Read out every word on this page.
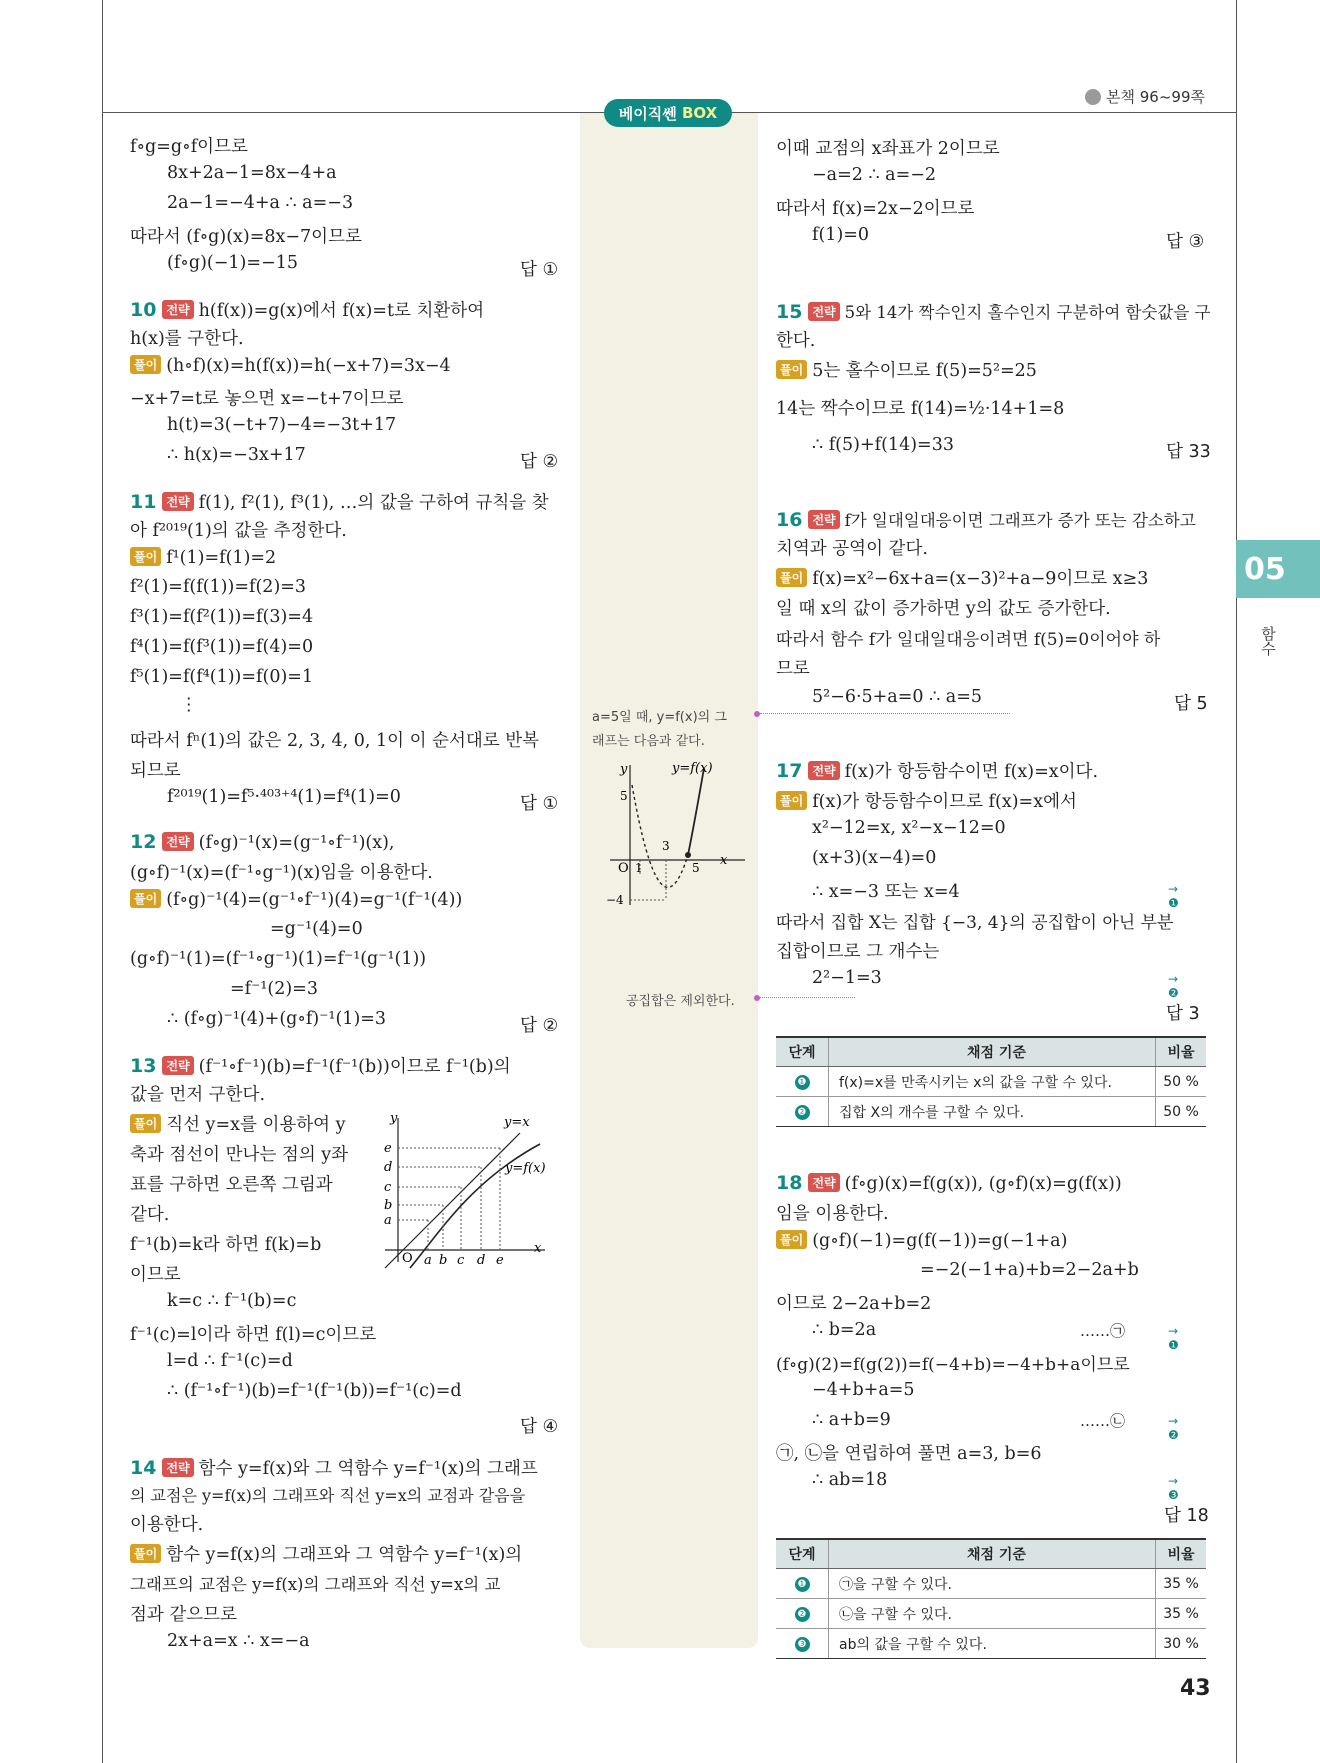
본책 96~99쪽
베이직쎈
BOX
05
함수
f∘g=g∘f이므로
8x+2a−1=8x−4+a
2a−1=−4+a ∴ a=−3
따라서 (f∘g)(x)=8x−7이므로
(f∘g)(−1)=−15	답 ①
10 전략 h(f(x))=g(x)에서 f(x)=t로 치환하여
h(x)를 구한다.
풀이 (h∘f)(x)=h(f(x))=h(−x+7)=3x−4
−x+7=t로 놓으면 x=−t+7이므로
h(t)=3(−t+7)−4=−3t+17
∴ h(x)=−3x+17	답 ②
11 전략 f(1), f²(1), f³(1), …의 값을 구하여 규칙을 찾
아 f²⁰¹⁹(1)의 값을 추정한다.
풀이 f¹(1)=f(1)=2
f²(1)=f(f(1))=f(2)=3
f³(1)=f(f²(1))=f(3)=4
f⁴(1)=f(f³(1))=f(4)=0
f⁵(1)=f(f⁴(1))=f(0)=1
⋮
따라서 fⁿ(1)의 값은 2, 3, 4, 0, 1이 이 순서대로 반복
되므로
f²⁰¹⁹(1)=f⁵·⁴⁰³⁺⁴(1)=f⁴(1)=0	답 ①
12 전략 (f∘g)⁻¹(x)=(g⁻¹∘f⁻¹)(x),
(g∘f)⁻¹(x)=(f⁻¹∘g⁻¹)(x)임을 이용한다.
풀이 (f∘g)⁻¹(4)=(g⁻¹∘f⁻¹)(4)=g⁻¹(f⁻¹(4))
=g⁻¹(4)=0
(g∘f)⁻¹(1)=(f⁻¹∘g⁻¹)(1)=f⁻¹(g⁻¹(1))
=f⁻¹(2)=3
∴ (f∘g)⁻¹(4)+(g∘f)⁻¹(1)=3	답 ②
13 전략 (f⁻¹∘f⁻¹)(b)=f⁻¹(f⁻¹(b))이므로 f⁻¹(b)의
값을 먼저 구한다.
풀이 직선 y=x를 이용하여 y
축과 점선이 만나는 점의 y좌
표를 구하면 오른쪽 그림과
같다.
f⁻¹(b)=k라 하면 f(k)=b
이므로
k=c ∴ f⁻¹(b)=c
f⁻¹(c)=l이라 하면 f(l)=c이므로
l=d ∴ f⁻¹(c)=d
∴ (f⁻¹∘f⁻¹)(b)=f⁻¹(f⁻¹(b))=f⁻¹(c)=d
답 ④
y
x
y=x
y=f(x)
O
e
d
c
b
a
a b c d e
14 전략 함수 y=f(x)와 그 역함수 y=f⁻¹(x)의 그래프
의 교점은 y=f(x)의 그래프와 직선 y=x의 교점과 같음을
이용한다.
풀이 함수 y=f(x)의 그래프와 그 역함수 y=f⁻¹(x)의
그래프의 교점은 y=f(x)의 그래프와 직선 y=x의 교
점과 같으므로
2x+a=x ∴ x=−a
a=5일 때, y=f(x)의 그
래프는 다음과 같다.
y
x
y=f(x)
O 1
3
5
5
−4
공집합은 제외한다.
이때 교점의 x좌표가 2이므로
−a=2 ∴ a=−2
따라서 f(x)=2x−2이므로
f(1)=0	답 ③
15 전략 5와 14가 짝수인지 홀수인지 구분하여 함숫값을 구
한다.
풀이 5는 홀수이므로 f(5)=5²=25
14는 짝수이므로 f(14)=½·14+1=8
∴ f(5)+f(14)=33	답 33
16 전략 f가 일대일대응이면 그래프가 증가 또는 감소하고
치역과 공역이 같다.
풀이 f(x)=x²−6x+a=(x−3)²+a−9이므로 x≥3
일 때 x의 값이 증가하면 y의 값도 증가한다.
따라서 함수 f가 일대일대응이려면 f(5)=0이어야 하
므로
5²−6·5+a=0 ∴ a=5	답 5
17 전략 f(x)가 항등함수이면 f(x)=x이다.
풀이 f(x)가 항등함수이므로 f(x)=x에서
x²−12=x, x²−x−12=0
(x+3)(x−4)=0
∴ x=−3 또는 x=4	→ ❶
따라서 집합 X는 집합 {−3, 4}의 공집합이 아닌 부분
집합이므로 그 개수는
2²−1=3	→ ❷
답 3
단계	채점 기준	비율
❶	f(x)=x를 만족시키는 x의 값을 구할 수 있다.	50 %
❷	집합 X의 개수를 구할 수 있다.	50 %
18 전략 (f∘g)(x)=f(g(x)), (g∘f)(x)=g(f(x))
임을 이용한다.
풀이 (g∘f)(−1)=g(f(−1))=g(−1+a)
=−2(−1+a)+b=2−2a+b
이므로 2−2a+b=2
∴ b=2a	……㉠	→ ❶
(f∘g)(2)=f(g(2))=f(−4+b)=−4+b+a이므로
−4+b+a=5
∴ a+b=9	……㉡	→ ❷
㉠, ㉡을 연립하여 풀면 a=3, b=6
∴ ab=18	→ ❸
답 18
단계	채점 기준	비율
❶	㉠을 구할 수 있다.	35 %
❷	㉡을 구할 수 있다.	35 %
❸	ab의 값을 구할 수 있다.	30 %
43
